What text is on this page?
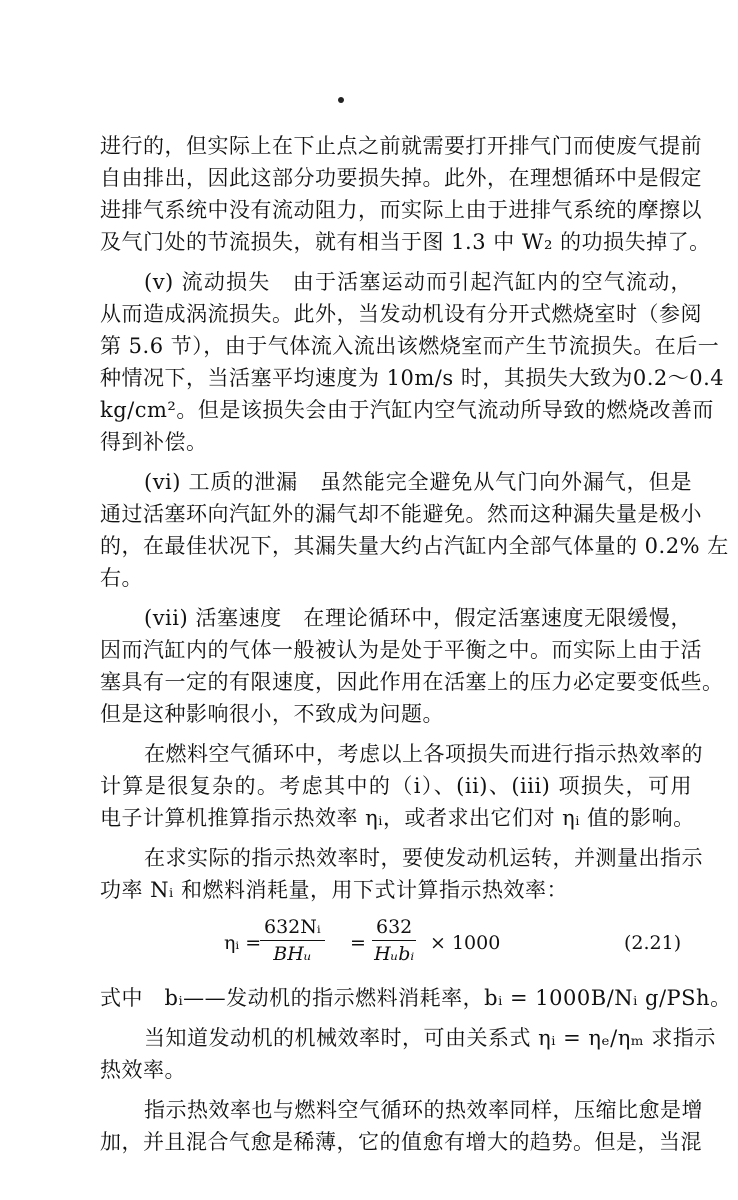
进行的，但实际上在下止点之前就需要打开排气门而使废气提前
自由排出，因此这部分功要损失掉。此外，在理想循环中是假定
进排气系统中没有流动阻力，而实际上由于进排气系统的摩擦以
及气门处的节流损失，就有相当于图 1.3 中 W₂ 的功损失掉了。
(v) 流动损失　由于活塞运动而引起汽缸内的空气流动，
从而造成涡流损失。此外，当发动机设有分开式燃烧室时（参阅
第 5.6 节），由于气体流入流出该燃烧室而产生节流损失。在后一
种情况下，当活塞平均速度为 10m/s 时，其损失大致为0.2～0.4
kg/cm²。但是该损失会由于汽缸内空气流动所导致的燃烧改善而
得到补偿。
(vi) 工质的泄漏　虽然能完全避免从气门向外漏气，但是
通过活塞环向汽缸外的漏气却不能避免。然而这种漏失量是极小
的，在最佳状况下，其漏失量大约占汽缸内全部气体量的 0.2% 左
右。
(vii) 活塞速度　在理论循环中，假定活塞速度无限缓慢，
因而汽缸内的气体一般被认为是处于平衡之中。而实际上由于活
塞具有一定的有限速度，因此作用在活塞上的压力必定要变低些。
但是这种影响很小，不致成为问题。
在燃料空气循环中，考虑以上各项损失而进行指示热效率的
计算是很复杂的。考虑其中的（i）、(ii)、(iii) 项损失，可用
电子计算机推算指示热效率 ηᵢ，或者求出它们对 ηᵢ 值的影响。
在求实际的指示热效率时，要使发动机运转，并测量出指示
功率 Nᵢ 和燃料消耗量，用下式计算指示热效率：
ηᵢ =
632Nᵢ
BHᵤ	=
632
Hᵤbᵢ × 1000	(2.21)
式中　bᵢ——发动机的指示燃料消耗率，bᵢ = 1000B/Nᵢ g/PSh。
当知道发动机的机械效率时，可由关系式 ηᵢ = ηₑ/ηₘ 求指示
热效率。
指示热效率也与燃料空气循环的热效率同样，压缩比愈是增
加，并且混合气愈是稀薄，它的值愈有增大的趋势。但是，当混
